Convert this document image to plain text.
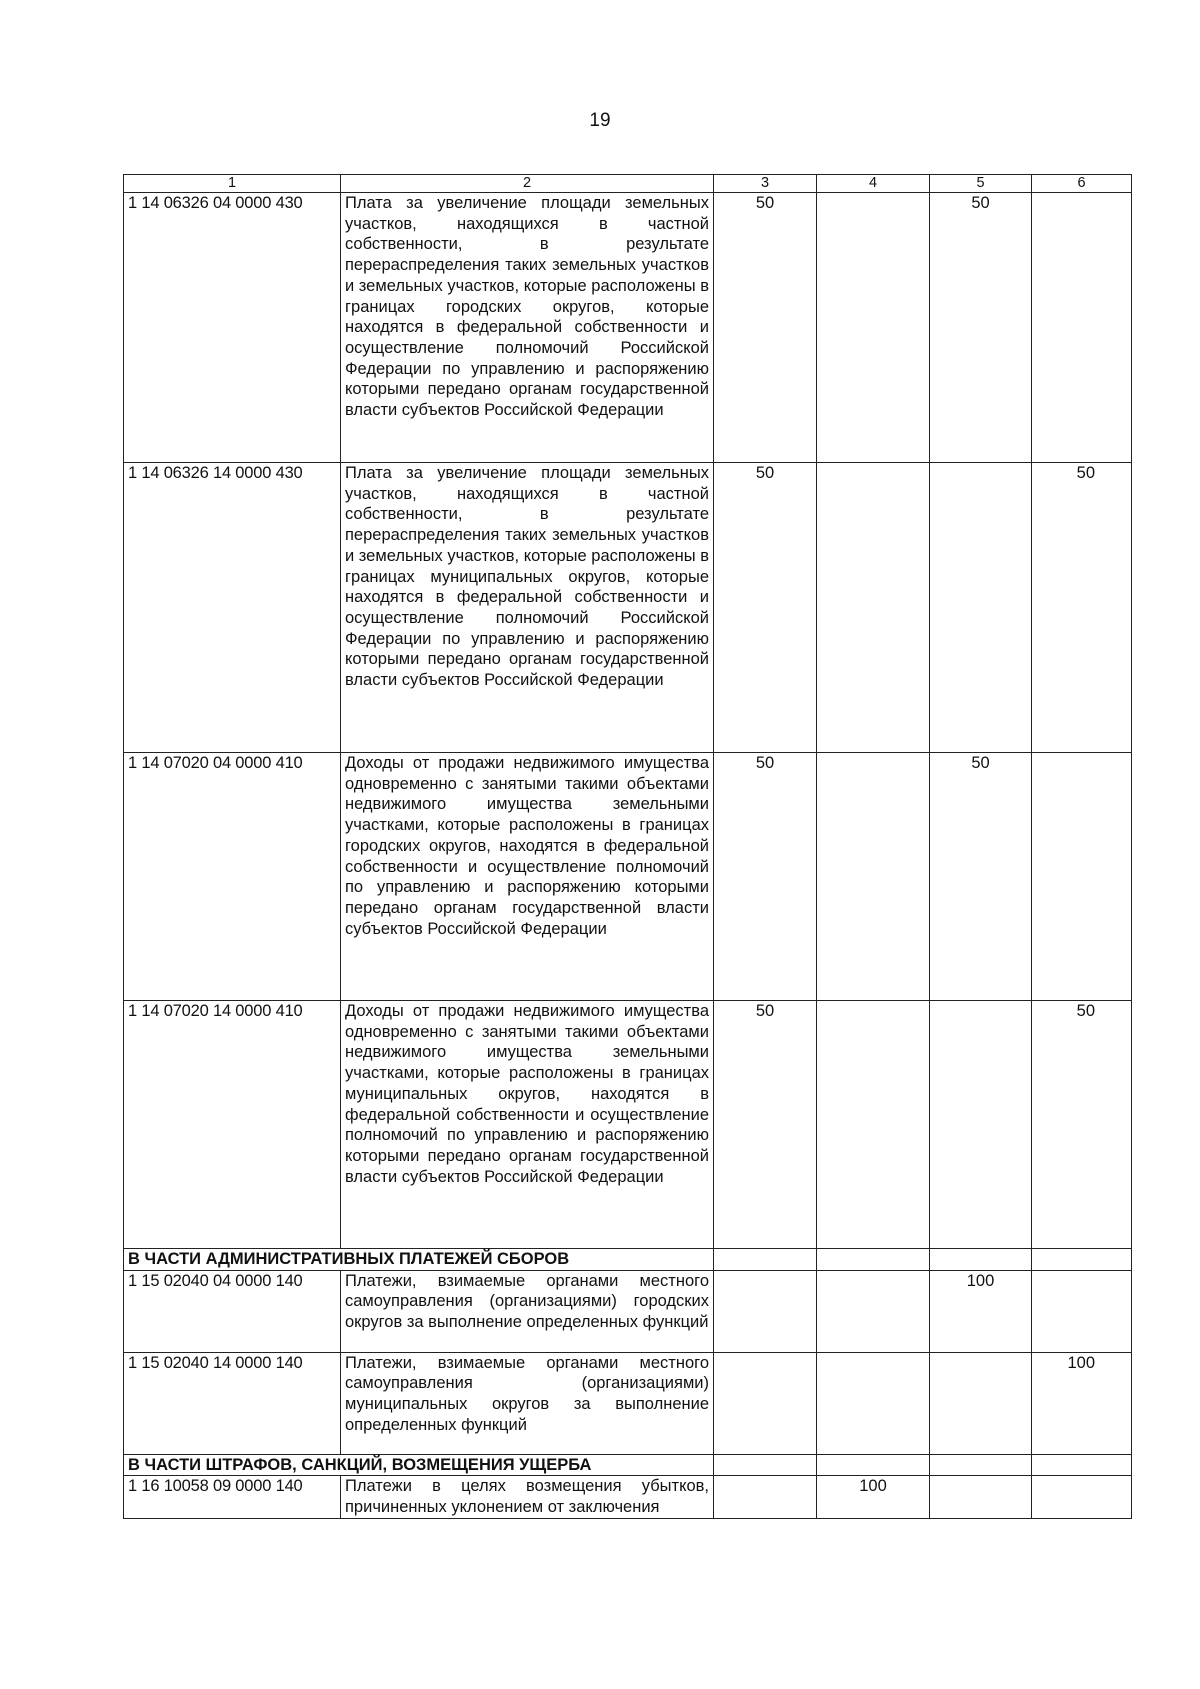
19
1	2	3	4	5	6
1 14 06326 04 0000 430	Плата за увеличение площади земельных участков, находящихся в частной собственности, в результате перераспределения таких земельных участков и земельных участков, которые расположены в границах городских округов, которые находятся в федеральной собственности и осуществление полномочий Российской Федерации по управлению и распоряжению которыми передано органам государственной власти субъектов Российской Федерации	50		50	
1 14 06326 14 0000 430	Плата за увеличение площади земельных участков, находящихся в частной собственности, в результате перераспределения таких земельных участков и земельных участков, которые расположены в границах муниципальных округов, которые находятся в федеральной собственности и осуществление полномочий Российской Федерации по управлению и распоряжению которыми передано органам государственной власти субъектов Российской Федерации	50			50
1 14 07020 04 0000 410	Доходы от продажи недвижимого имущества одновременно с занятыми такими объектами недвижимого имущества земельными участками, которые расположены в границах городских округов, находятся в федеральной собственности и осуществление полномочий по управлению и распоряжению которыми передано органам государственной власти субъектов Российской Федерации	50		50	
1 14 07020 14 0000 410	Доходы от продажи недвижимого имущества одновременно с занятыми такими объектами недвижимого имущества земельными участками, которые расположены в границах муниципальных округов, находятся в федеральной собственности и осуществление полномочий по управлению и распоряжению которыми передано органам государственной власти субъектов Российской Федерации	50			50
В ЧАСТИ АДМИНИСТРАТИВНЫХ ПЛАТЕЖЕЙ СБОРОВ					
1 15 02040 04 0000 140	Платежи, взимаемые органами местного самоуправления (организациями) городских округов за выполнение определенных функций			100	
1 15 02040 14 0000 140	Платежи, взимаемые органами местного самоуправления (организациями) муниципальных округов за выполнение определенных функций				100
В ЧАСТИ ШТРАФОВ, САНКЦИЙ, ВОЗМЕЩЕНИЯ УЩЕРБА					
1 16 10058 09 0000 140	Платежи в целях возмещения убытков, причиненных уклонением от заключения		100		
